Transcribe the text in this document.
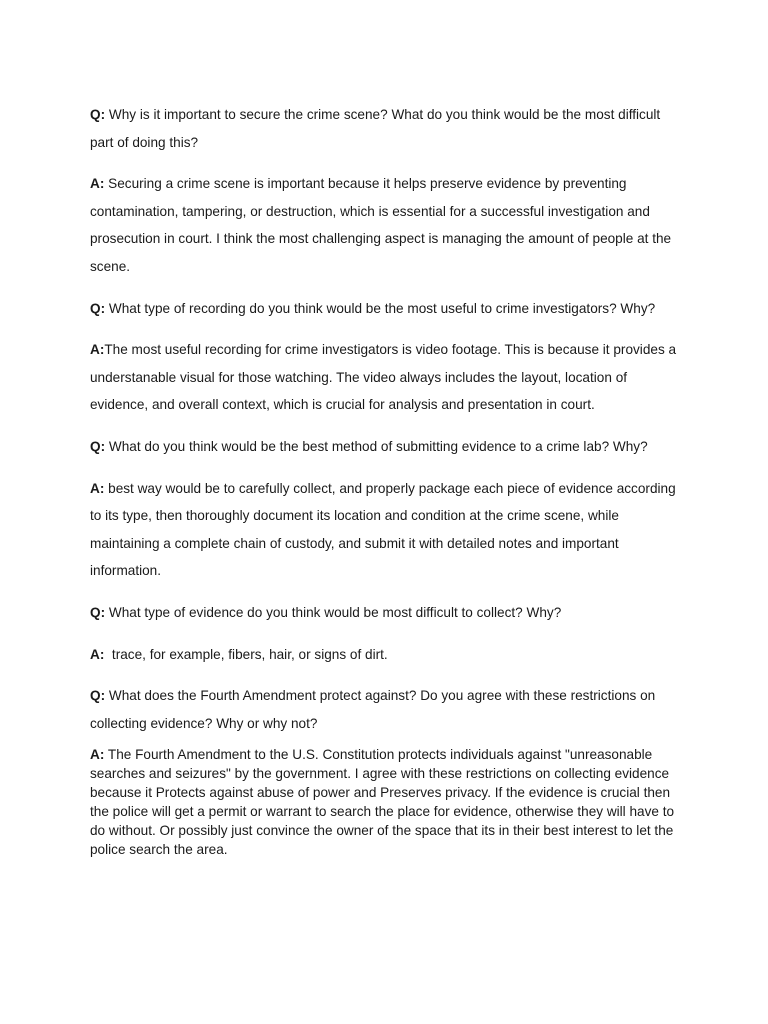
Q: Why is it important to secure the crime scene? What do you think would be the most difficult part of doing this?

A: Securing a crime scene is important because it helps preserve evidence by preventing contamination, tampering, or destruction, which is essential for a successful investigation and prosecution in court. I think the most challenging aspect is managing the amount of people at the scene.

Q: What type of recording do you think would be the most useful to crime investigators? Why?

A:The most useful recording for crime investigators is video footage. This is because it provides a understanable visual for those watching. The video always includes the layout, location of evidence, and overall context, which is crucial for analysis and presentation in court.

Q: What do you think would be the best method of submitting evidence to a crime lab? Why?

A: best way would be to carefully collect, and properly package each piece of evidence according to its type, then thoroughly document its location and condition at the crime scene, while maintaining a complete chain of custody, and submit it with detailed notes and important information.

Q: What type of evidence do you think would be most difficult to collect? Why?

A: trace, for example, fibers, hair, or signs of dirt.

Q: What does the Fourth Amendment protect against? Do you agree with these restrictions on collecting evidence? Why or why not?

A: The Fourth Amendment to the U.S. Constitution protects individuals against "unreasonable searches and seizures" by the government. I agree with these restrictions on collecting evidence because it Protects against abuse of power and Preserves privacy. If the evidence is crucial then the police will get a permit or warrant to search the place for evidence, otherwise they will have to do without. Or possibly just convince the owner of the space that its in their best interest to let the police search the area.
